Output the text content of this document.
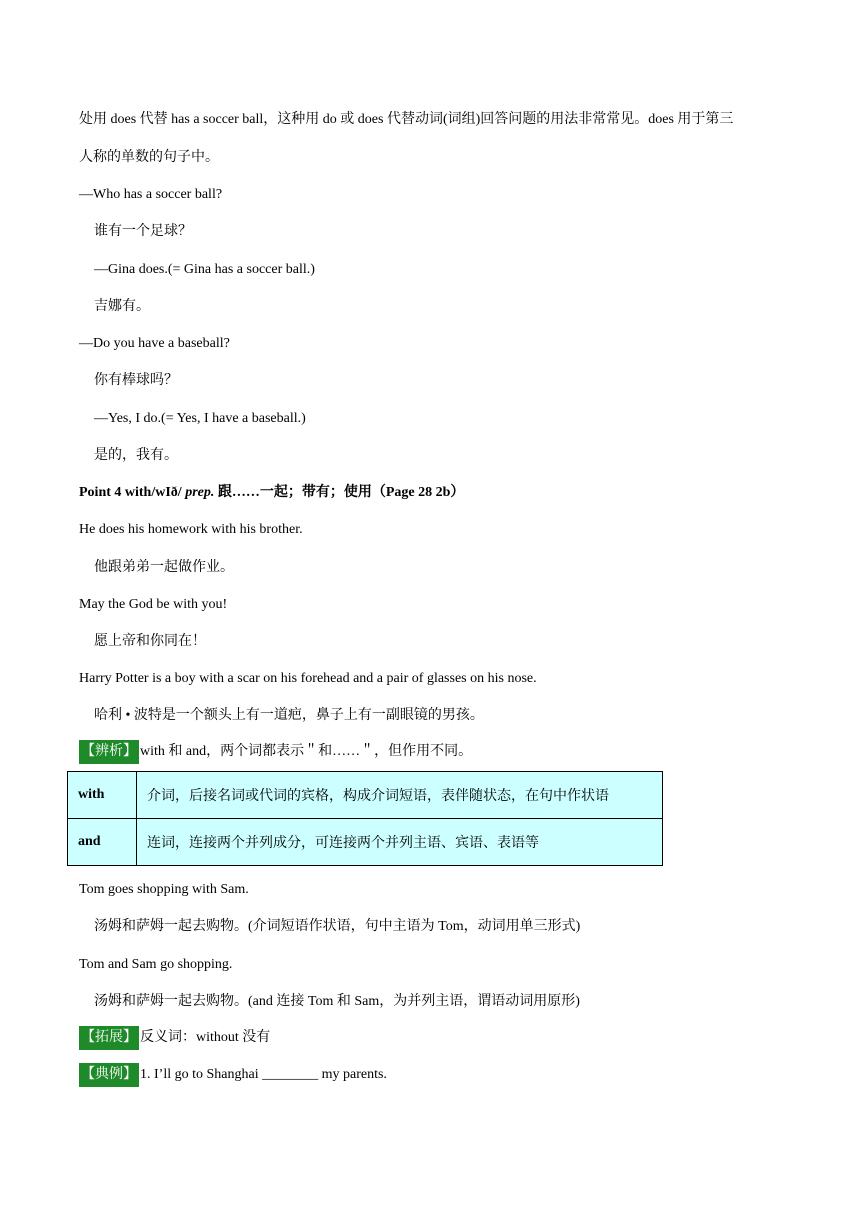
处用 does 代替 has a soccer ball，这种用 do 或 does 代替动词(词组)回答问题的用法非常常见。does 用于第三
人称的单数的句子中。
—Who has a soccer ball?
谁有一个足球？
—Gina does.(= Gina has a soccer ball.)
吉娜有。
—Do you have a baseball?
你有棒球吗？
—Yes, I do.(= Yes, I have a baseball.)
是的，我有。
Point 4 with/wIð/ prep. 跟……一起；带有；使用（Page 28 2b）
He does his homework with his brother.
他跟弟弟一起做作业。
May the God be with you!
愿上帝和你同在！
Harry Potter is a boy with a scar on his forehead and a pair of glasses on his nose.
哈利 • 波特是一个额头上有一道疤，鼻子上有一副眼镜的男孩。
【辨析】 with 和 and，两个词都表示＂和……＂，但作用不同。
with	介词，后接名词或代词的宾格，构成介词短语，表伴随状态，在句中作状语
and	连词，连接两个并列成分，可连接两个并列主语、宾语、表语等
Tom goes shopping with Sam.
汤姆和萨姆一起去购物。(介词短语作状语，句中主语为 Tom，动词用单三形式)
Tom and Sam go shopping.
汤姆和萨姆一起去购物。(and 连接 Tom 和 Sam，为并列主语，谓语动词用原形)
【拓展】 反义词：without 没有
【典例】 1. I’ll go to Shanghai ________ my parents.
